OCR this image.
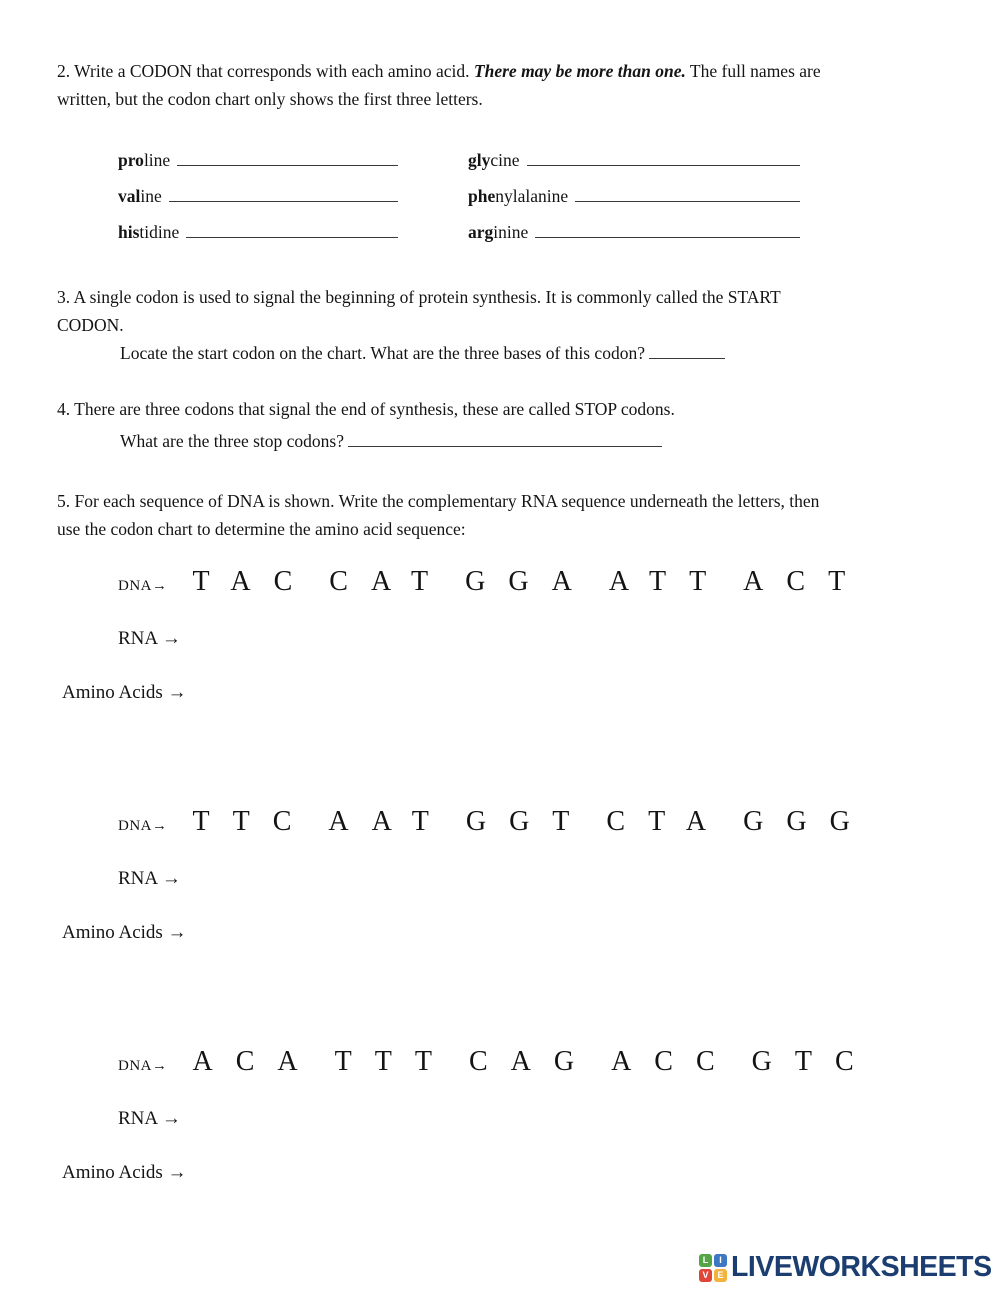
2. Write a CODON that corresponds with each amino acid. There may be more than one. The full names are
written, but the codon chart only shows the first three letters.
proline	glycine
valine	phenylalanine
histidine	arginine
3. A single codon is used to signal the beginning of protein synthesis. It is commonly called the START
CODON.
Locate the start codon on the chart. What are the three bases of this codon?
4. There are three codons that signal the end of synthesis, these are called STOP codons.
What are the three stop codons?
5. For each sequence of DNA is shown. Write the complementary RNA sequence underneath the letters, then
use the codon chart to determine the amino acid sequence:
DNA→ TAC CAT GGA ATT ACT
RNA →
Amino Acids →
DNA→ TTC AAT GGT CTA GGG
RNA →
Amino Acids →
DNA→ ACA TTT CAG ACC GTC
RNA →
Amino Acids →
L	I
V E LIVEWORKSHEETS
